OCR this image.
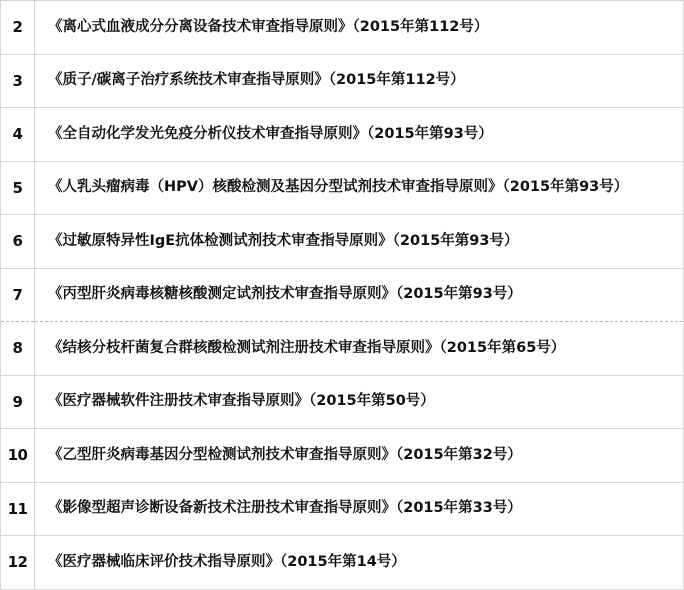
2	《离心式血液成分分离设备技术审查指导原则》（2015年第112号）
3	《质子/碳离子治疗系统技术审查指导原则》（2015年第112号）
4	《全自动化学发光免疫分析仪技术审查指导原则》（2015年第93号）
5	《人乳头瘤病毒（HPV）核酸检测及基因分型试剂技术审查指导原则》（2015年第93号）
6	《过敏原特异性IgE抗体检测试剂技术审查指导原则》（2015年第93号）
7	《丙型肝炎病毒核糖核酸测定试剂技术审查指导原则》（2015年第93号）
8	《结核分枝杆菌复合群核酸检测试剂注册技术审查指导原则》（2015年第65号）
9	《医疗器械软件注册技术审查指导原则》（2015年第50号）
10	《乙型肝炎病毒基因分型检测试剂技术审查指导原则》（2015年第32号）
11	《影像型超声诊断设备新技术注册技术审查指导原则》（2015年第33号）
12	《医疗器械临床评价技术指导原则》（2015年第14号）
